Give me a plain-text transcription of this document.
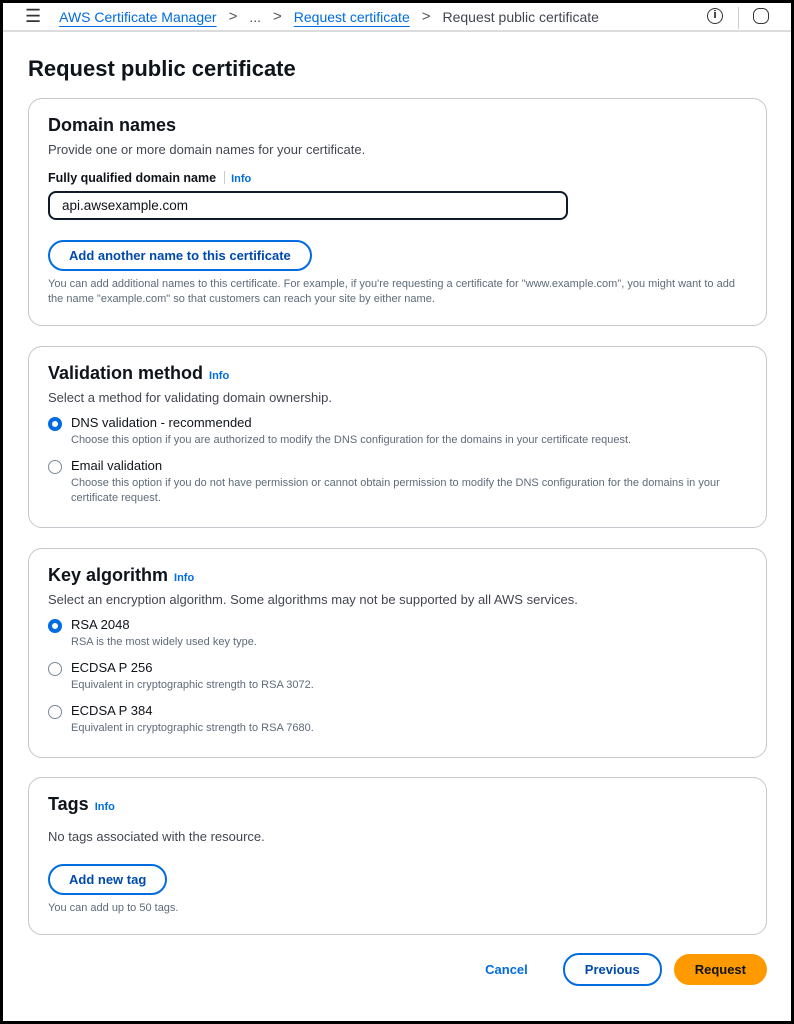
☰ AWS Certificate Manager > ... > Request certificate > Request public certificate	i
Request public certificate
Domain names
Provide one or more domain names for your certificate.
Fully qualified domain name Info
api.awsexample.com
Add another name to this certificate
You can add additional names to this certificate. For example, if you're requesting a certificate for "www.example.com", you might want to add the name "example.com" so that customers can reach your site by either name.
Validation method Info
Select a method for validating domain ownership.
DNS validation - recommended
Choose this option if you are authorized to modify the DNS configuration for the domains in your certificate request.
Email validation
Choose this option if you do not have permission or cannot obtain permission to modify the DNS configuration for the domains in your certificate request.
Key algorithm Info
Select an encryption algorithm. Some algorithms may not be supported by all AWS services.
RSA 2048
RSA is the most widely used key type.
ECDSA P 256
Equivalent in cryptographic strength to RSA 3072.
ECDSA P 384
Equivalent in cryptographic strength to RSA 7680.
Tags Info
No tags associated with the resource.
Add new tag
You can add up to 50 tags.
Cancel	Previous	Request
